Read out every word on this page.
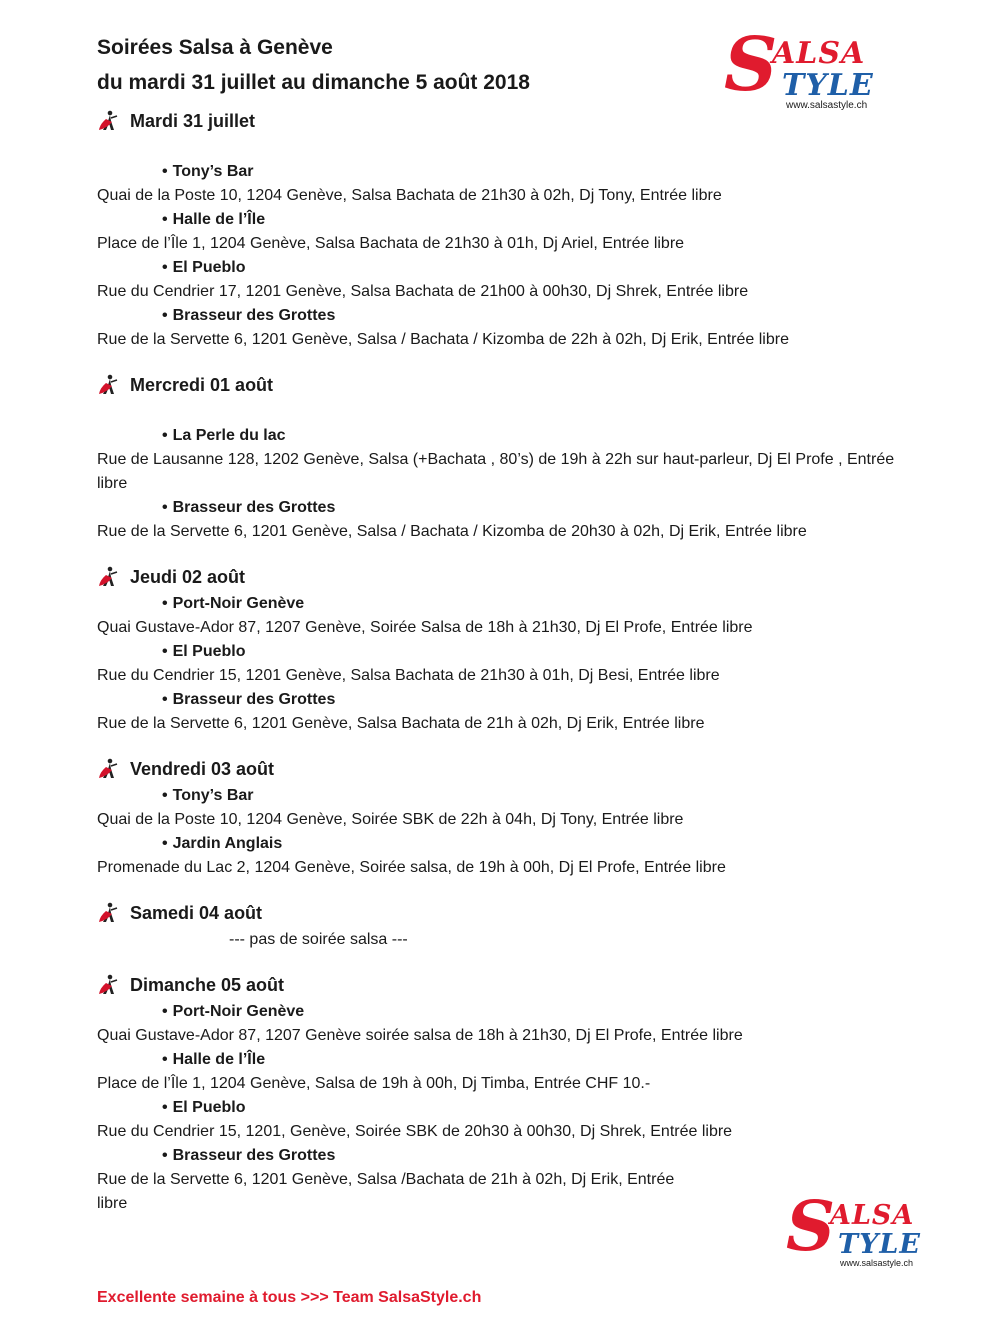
Soirées Salsa à Genève

du mardi 31 juillet au dimanche 5 août 2018

Mardi 31 juillet

• Tony’s Bar

Quai de la Poste 10, 1204 Genève, Salsa Bachata de 21h30 à 02h, Dj Tony, Entrée libre

• Halle de l’Île

Place de l’Île 1, 1204 Genève, Salsa Bachata de 21h30 à 01h, Dj Ariel, Entrée libre

• El Pueblo

Rue du Cendrier 17, 1201 Genève, Salsa Bachata de 21h00 à 00h30, Dj Shrek, Entrée libre

• Brasseur des Grottes

Rue de la Servette 6, 1201 Genève, Salsa / Bachata / Kizomba de 22h à 02h, Dj Erik, Entrée libre

Mercredi 01 août

• La Perle du lac

Rue de Lausanne 128, 1202 Genève, Salsa (+Bachata , 80’s) de 19h à 22h sur haut-parleur, Dj El Profe , Entrée libre

• Brasseur des Grottes

Rue de la Servette 6, 1201 Genève, Salsa / Bachata / Kizomba de 20h30 à 02h, Dj Erik, Entrée libre

Jeudi 02 août

• Port-Noir Genève

Quai Gustave-Ador 87, 1207 Genève, Soirée Salsa de 18h à 21h30, Dj El Profe, Entrée libre

• El Pueblo

Rue du Cendrier 15, 1201 Genève, Salsa Bachata de 21h30 à 01h, Dj Besi, Entrée libre

• Brasseur des Grottes

Rue de la Servette 6, 1201 Genève, Salsa Bachata de 21h à 02h, Dj Erik, Entrée libre

Vendredi 03 août

• Tony’s Bar

Quai de la Poste 10, 1204 Genève, Soirée SBK de 22h à 04h, Dj Tony, Entrée libre

• Jardin Anglais

Promenade du Lac 2, 1204 Genève, Soirée salsa, de 19h à 00h, Dj El Profe, Entrée libre

Samedi 04 août

--- pas de soirée salsa ---

Dimanche 05 août

• Port-Noir Genève

Quai Gustave-Ador 87, 1207 Genève soirée salsa de 18h à 21h30, Dj El Profe, Entrée libre

• Halle de l’Île

Place de l’Île 1, 1204 Genève, Salsa de 19h à 00h, Dj Timba, Entrée CHF 10.-

• El Pueblo

Rue du Cendrier 15, 1201, Genève, Soirée SBK de 20h30 à 00h30, Dj Shrek, Entrée libre

• Brasseur des Grottes

Rue de la Servette 6, 1201 Genève, Salsa /Bachata de 21h à 02h, Dj Erik, Entrée

libre

S
ALSA
TYLE
www.salsastyle.ch
S
ALSA
TYLE
www.salsastyle.ch

Excellente semaine à tous >>> Team SalsaStyle.ch
